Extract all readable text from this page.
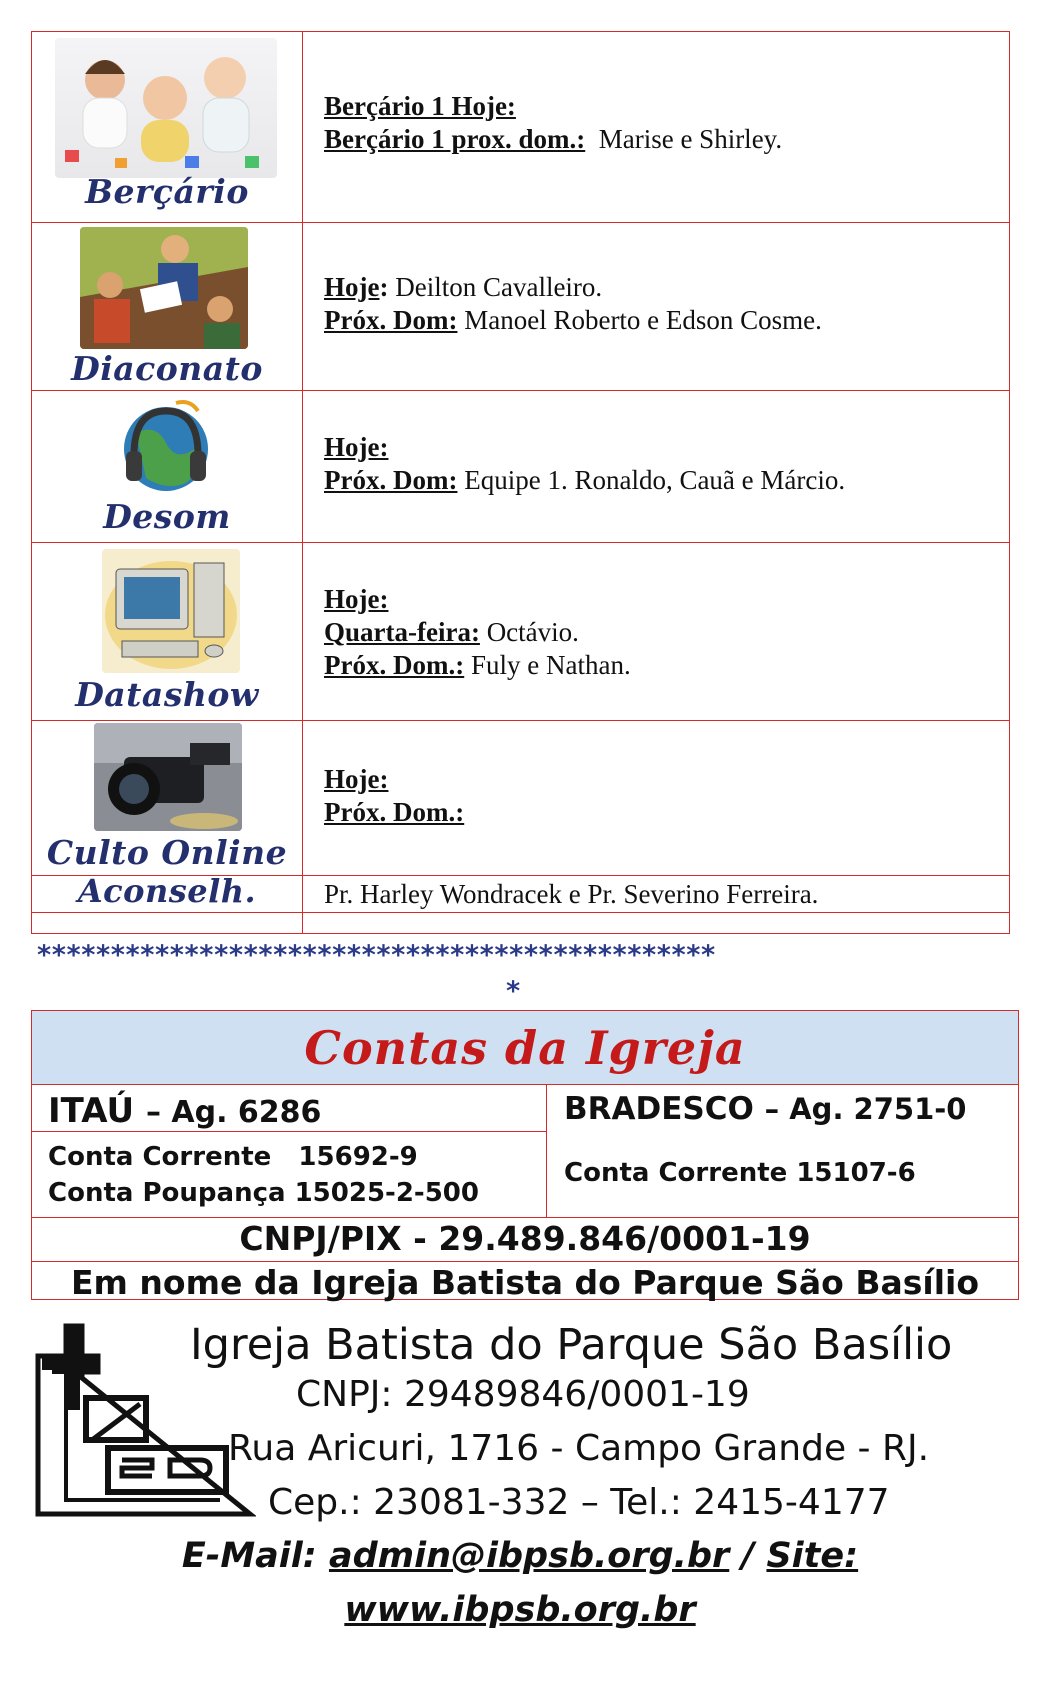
Berçário
Berçário 1 Hoje:
Berçário 1 prox. dom.: Marise e Shirley.
Diaconato
Hoje: Deilton Cavalleiro.
Próx. Dom: Manoel Roberto e Edson Cosme.
Desom
Hoje:
Próx. Dom: Equipe 1. Ronaldo, Cauã e Márcio.
Datashow
Hoje:
Quarta-feira: Octávio.
Próx. Dom.: Fuly e Nathan.
Culto Online
Hoje:
Próx. Dom.:
Aconselh.	Pr. Harley Wondracek e Pr. Severino Ferreira.
**********************************************
*
Contas da Igreja
ITAÚ – Ag. 6286
Conta Corrente   15692-9
Conta Poupança 15025-2-500
BRADESCO – Ag. 2751-0
Conta Corrente 15107-6
CNPJ/PIX - 29.489.846/0001-19
Em nome da Igreja Batista do Parque São Basílio
Igreja Batista do Parque São Basílio
CNPJ: 29489846/0001-19
Rua Aricuri, 1716 - Campo Grande - RJ.
Cep.: 23081-332 – Tel.: 2415-4177
E-Mail: admin@ibpsb.org.br / Site:
www.ibpsb.org.br
